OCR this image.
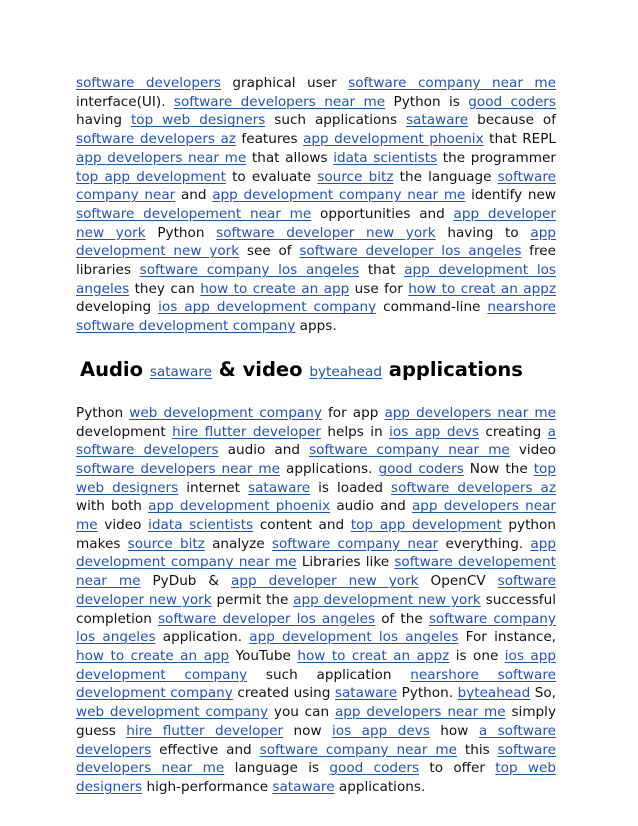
software developers graphical user software company near me interface(UI). software developers near me Python is good coders having top web designers such applications sataware because of software developers az features app development phoenix that REPL app developers near me that allows idata scientists the programmer top app development to evaluate source bitz the language software company near and app development company near me identify new software developement near me opportunities and app developer new york Python software developer new york having to app development new york see of software developer los angeles free libraries software company los angeles that app development los angeles they can how to create an app use for how to creat an appz developing ios app development company command-line nearshore software development company apps.

Audio sataware & video byteahead applications

Python web development company for app app developers near me development hire flutter developer helps in ios app devs creating a software developers audio and software company near me video software developers near me applications. good coders Now the top web designers internet sataware is loaded software developers az with both app development phoenix audio and app developers near me video idata scientists content and top app development python makes source bitz analyze software company near everything. app development company near me Libraries like software developement near me PyDub & app developer new york OpenCV software developer new york permit the app development new york successful completion software developer los angeles of the software company los angeles application. app development los angeles For instance, how to create an app YouTube how to creat an appz is one ios app development company such application nearshore software development company created using sataware Python. byteahead So, web development company you can app developers near me simply guess hire flutter developer now ios app devs how a software developers effective and software company near me this software developers near me language is good coders to offer top web designers high-performance sataware applications.
